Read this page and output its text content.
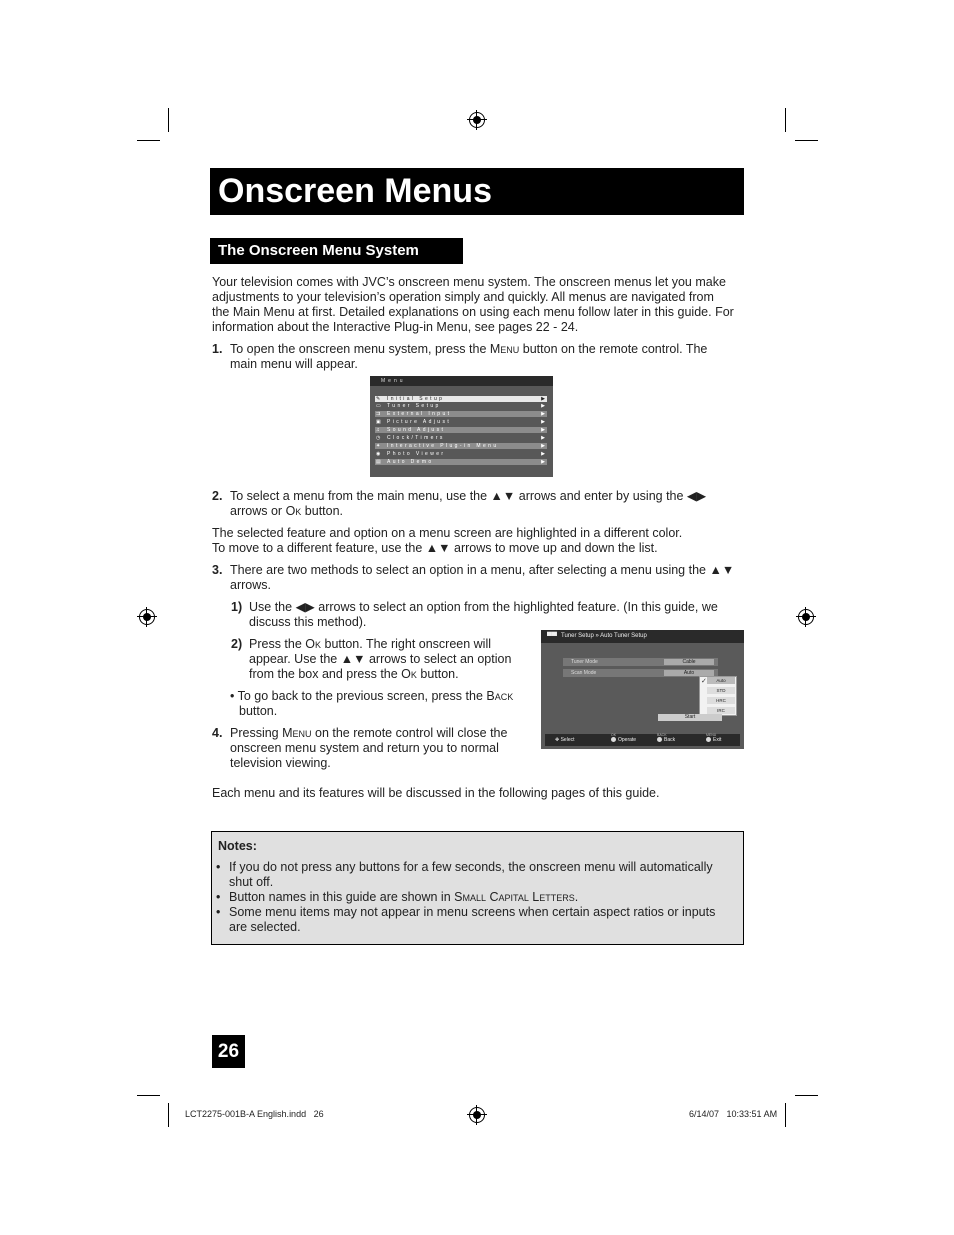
Onscreen Menus
The Onscreen Menu System
Your television comes with JVC’s onscreen menu system. The onscreen menus let you make
adjustments to your television’s operation simply and quickly. All menus are navigated from
the Main Menu at first. Detailed explanations on using each menu follow later in this guide. For
information about the Interactive Plug-in Menu, see pages 22 - 24.
1. To open the onscreen menu system, press the Menu button on the remote control. The
main menu will appear.
Menu
✎	Initial Setup	▶
▭	Tuner Setup	▶
⇉	External Input	▶
▣	Picture Adjust	▶
♫	Sound Adjust	▶
◷	Clock/Timers	▶
✦	Interactive Plug-in Menu	▶
◉	Photo Viewer	▶
▤	Auto Demo	▶
2. To select a menu from the main menu, use the ▲▼ arrows and enter by using the ◀▶
arrows or Ok button.
The selected feature and option on a menu screen are highlighted in a different color.
To move to a different feature, use the ▲▼ arrows to move up and down the list.
3. There are two methods to select an option in a menu, after selecting a menu using the ▲▼
arrows.
1) Use the ◀▶ arrows to select an option from the highlighted feature. (In this guide, we
discuss this method).
2) Press the Ok button. The right onscreen will
appear. Use the ▲▼ arrows to select an option
from the box and press the Ok button.
• To go back to the previous screen, press the Back
button.
4. Pressing Menu on the remote control will close the
onscreen menu system and return you to normal
television viewing.
▀▀ Tuner Setup » Auto Tuner Setup
Tuner Mode	Cable
Scan Mode	Auto
✓	Auto
STD
HRC
IRC
Start
✥ Select
OK
Operate
BACK
Back
MENU
Exit
Each menu and its features will be discussed in the following pages of this guide.
Notes:
• If you do not press any buttons for a few seconds, the onscreen menu will automatically
shut off.
• Button names in this guide are shown in Small Capital Letters.
• Some menu items may not appear in menu screens when certain aspect ratios or inputs
are selected.
26
LCT2275-001B-A English.indd   26	6/14/07   10:33:51 AM
